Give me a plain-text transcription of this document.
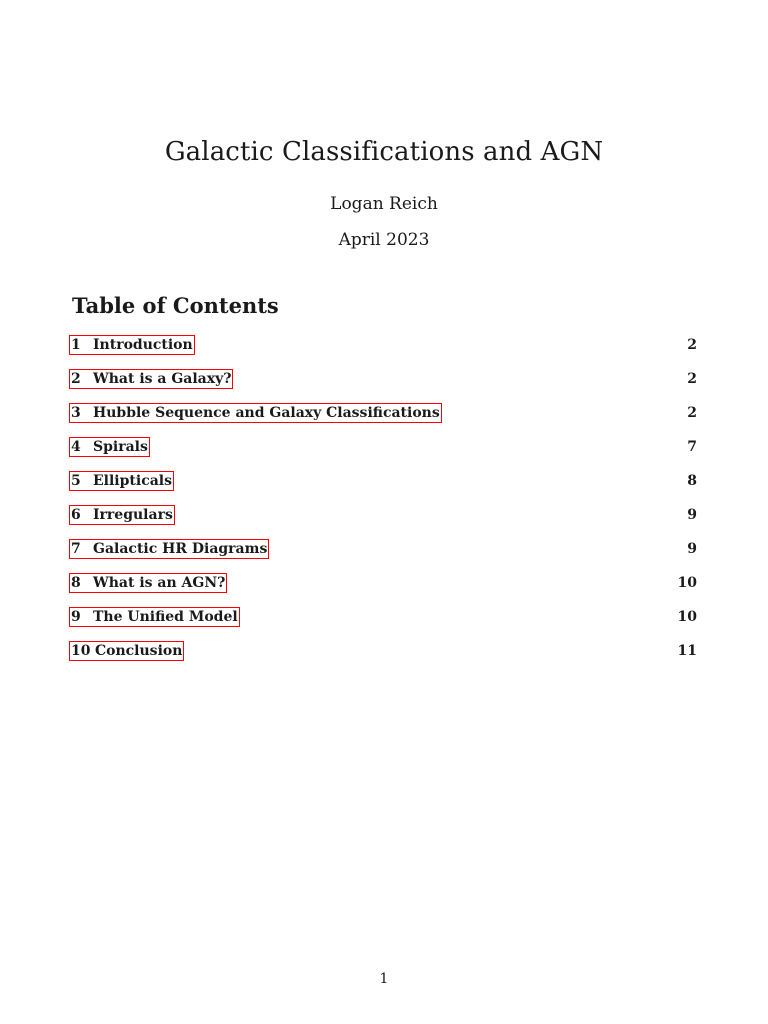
Galactic Classifications and AGN
Logan Reich
April 2023
Table of Contents
1 Introduction	2
2 What is a Galaxy?	2
3 Hubble Sequence and Galaxy Classifications	2
4 Spirals	7
5 Ellipticals	8
6 Irregulars	9
7 Galactic HR Diagrams	9
8 What is an AGN?	10
9 The Unified Model	10
10 Conclusion	11
1
